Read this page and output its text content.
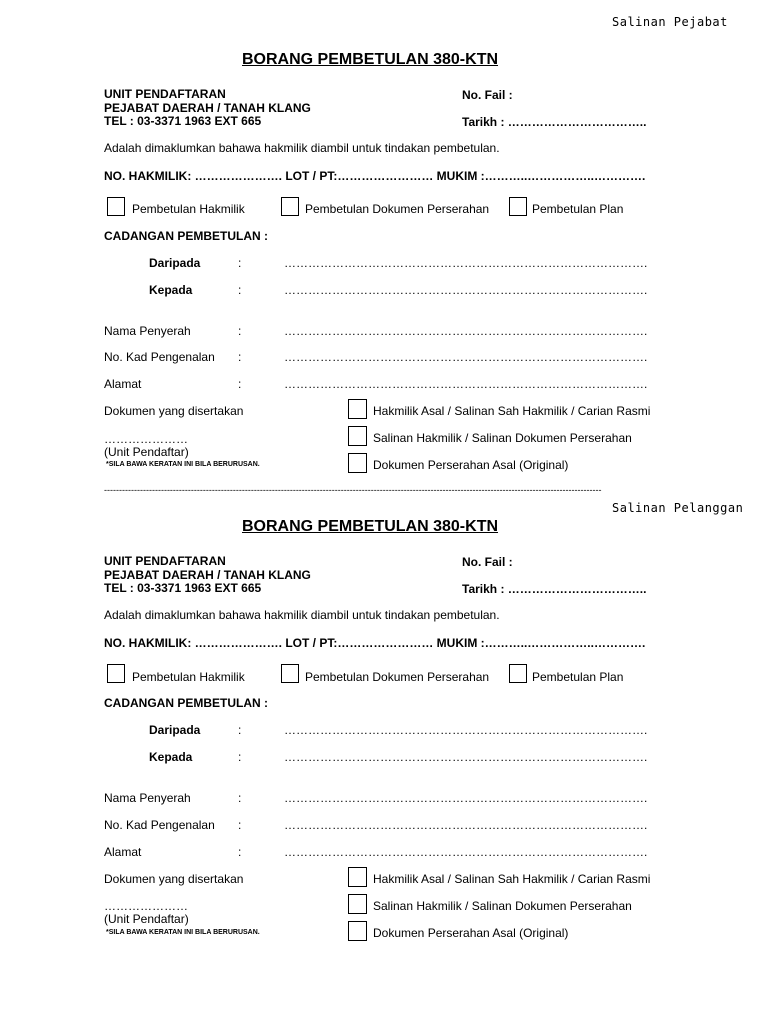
Salinan Pejabat
BORANG PEMBETULAN 380-KTN
UNIT PENDAFTARAN
PEJABAT DAERAH / TANAH KLANG
TEL : 03-3371 1963 EXT 665
No. Fail :
Tarikh : ……………………………..
Adalah dimaklumkan bahawa hakmilik diambil untuk tindakan pembetulan.
NO. HAKMILIK: …………………. LOT / PT:…………………… MUKIM :………..……………..………….
Pembetulan Hakmilik	Pembetulan Dokumen Perserahan	Pembetulan Plan
CADANGAN PEMBETULAN :
Daripada	:	……………………………………………………………………………….
Kepada	:	……………………………………………………………………………….
Nama Penyerah	:	……………………………………………………………………………….
No. Kad Pengenalan :	……………………………………………………………………………….
Alamat	:	……………………………………………………………………………….
Dokumen yang disertakan	Hakmilik Asal / Salinan Sah Hakmilik / Carian Rasmi
Salinan Hakmilik / Salinan Dokumen Perserahan
Dokumen Perserahan Asal (Original)
…………………
(Unit Pendaftar)
*SILA BAWA KERATAN INI BILA BERURUSAN.
----------------------------------------------------------------------------------------------------------------------------------------------------------------------
Salinan Pelanggan
BORANG PEMBETULAN 380-KTN
UNIT PENDAFTARAN
PEJABAT DAERAH / TANAH KLANG
TEL : 03-3371 1963 EXT 665
No. Fail :
Tarikh : ……………………………..
Adalah dimaklumkan bahawa hakmilik diambil untuk tindakan pembetulan.
NO. HAKMILIK: …………………. LOT / PT:…………………… MUKIM :………..……………..………….
Pembetulan Hakmilik	Pembetulan Dokumen Perserahan	Pembetulan Plan
CADANGAN PEMBETULAN :
Daripada	:	……………………………………………………………………………….
Kepada	:	……………………………………………………………………………….
Nama Penyerah	:	……………………………………………………………………………….
No. Kad Pengenalan :	……………………………………………………………………………….
Alamat	:	……………………………………………………………………………….
Dokumen yang disertakan	Hakmilik Asal / Salinan Sah Hakmilik / Carian Rasmi
Salinan Hakmilik / Salinan Dokumen Perserahan
Dokumen Perserahan Asal (Original)
…………………
(Unit Pendaftar)
*SILA BAWA KERATAN INI BILA BERURUSAN.
